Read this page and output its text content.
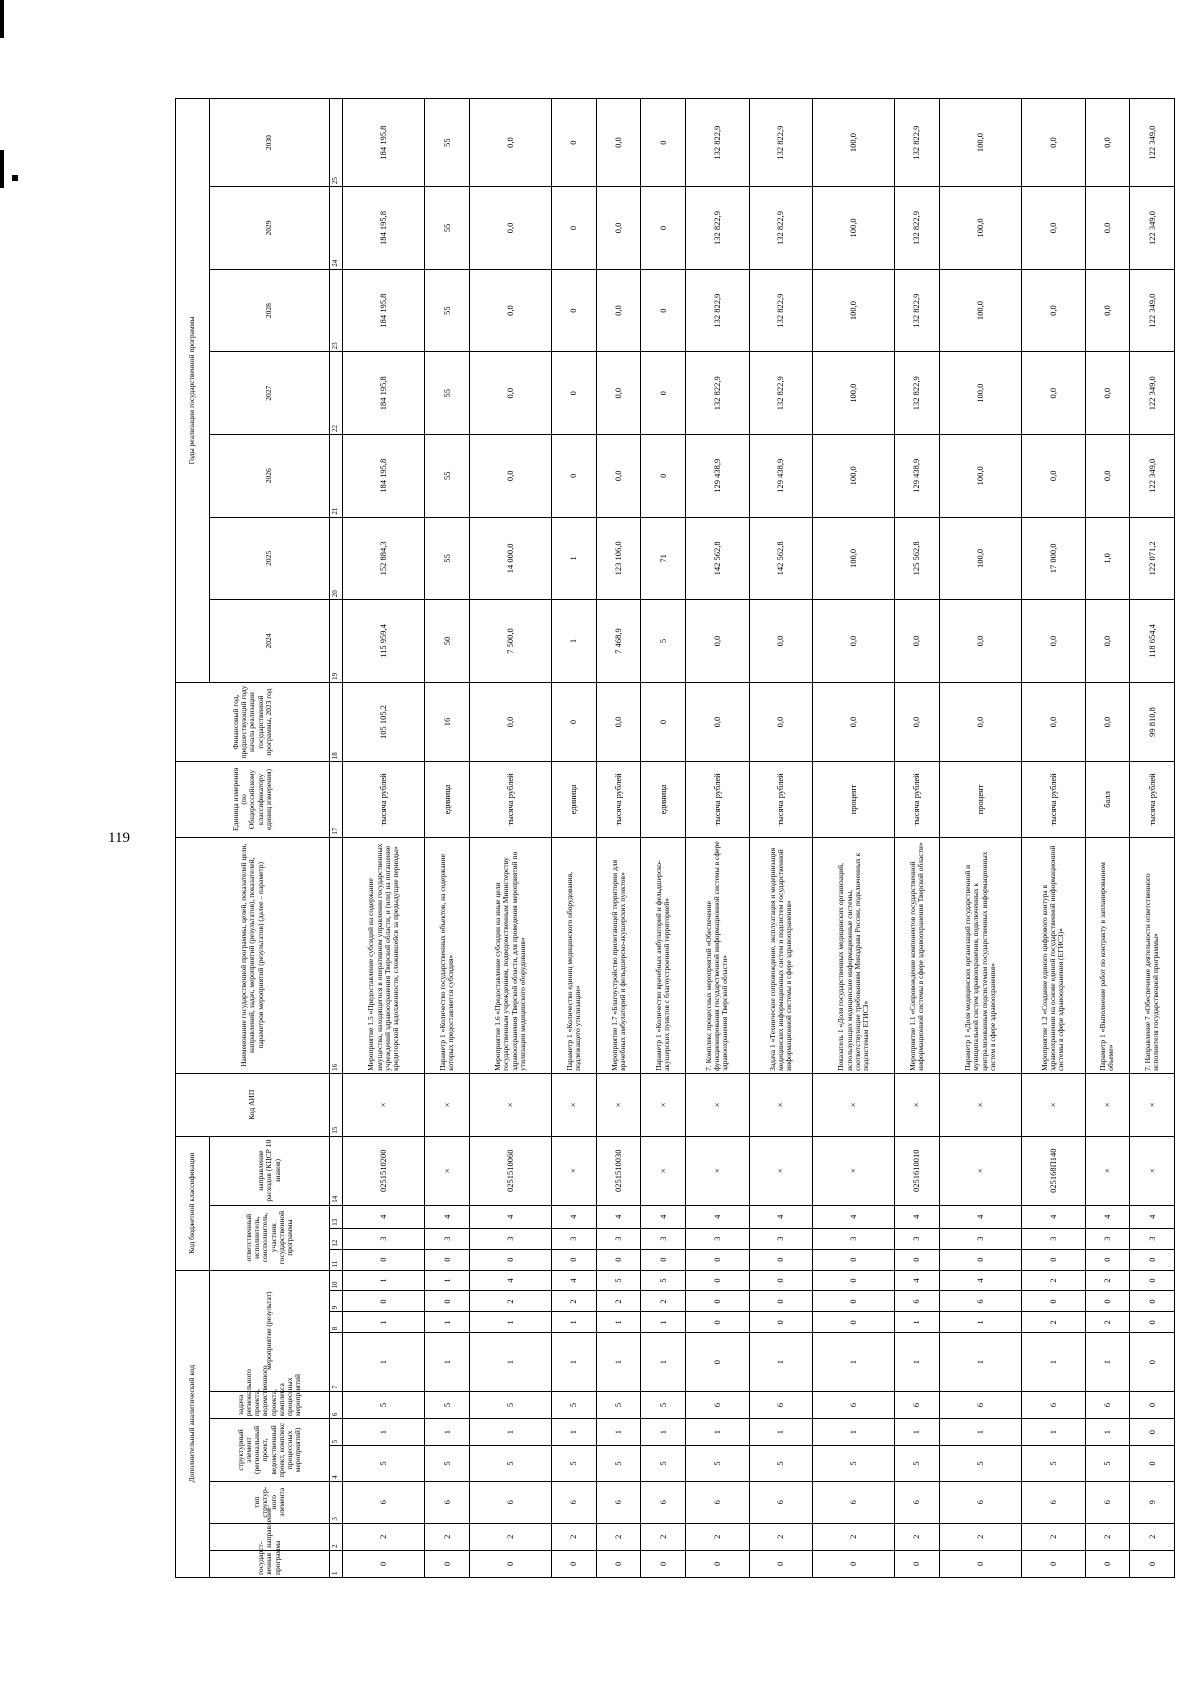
119
Дополнительный аналитический код										Код бюджетной классификации				Код АИП	Наименование государственной программы, целей, показателей цели, направлений, задач, мероприятий (результатов), показателей, параметров мероприятий (результатов) (далее – параметр)	Единица измерения (по Общероссийскому классификатору единиц измерения)	Финансовый год, предшествующий году начала реализации государственной программы, 2023 год	Годы реализации государственной программы						
государст-венная программа	направление	тип структур-ного элемента	структурный элемент (региональный проект, ведомственный проект, комплекс процессных мероприятий)		задача регионального проекта, ведомственного проекта, комплекса процессных мероприятий	мероприятие (результат)				ответственный исполнитель, соисполнитель, участник государственной программы			направление расходов (КЦСР 10 знаков)					2024	2025	2026	2027	2028	2029	2030
1	2	3	4	5	6	7	8	9	10	11	12	13	14	15	16	17	18	19	20	21	22	23	24	25
0	2	6	5	1	5	1	1	0	1	0	3	4	0251510200	×	Мероприятие 1.5 «Предоставление субсидий на содержание имущества, находящегося в оперативном управлении государственных учреждений здравоохранения Тверской области, и (или) на погашение кредиторской задолженности, сложившейся за предыдущие периоды»	тысяча рублей	105 105,2	115 959,4	152 884,3	184 195,8	184 195,8	184 195,8	184 195,8	184 195,8
0	2	6	5	1	5	1	1	0	1	0	3	4	×	×	Параметр 1 «Количество государственных объектов, на содержание которых предоставляется субсидия»	единица	16	50	55	55	55	55	55	55
0	2	6	5	1	5	1	1	2	4	0	3	4	0251510060	×	Мероприятие 1.6 «Предоставление субсидии на иные цели государственным учреждениям, подведомственным Министерству здравоохранения Тверской области, для проведения мероприятий по утилизации медицинского оборудования»	тысяча рублей	0,0	7 500,0	14 000,0	0,0	0,0	0,0	0,0	0,0
0	2	6	5	1	5	1	1	2	4	0	3	4	×	×	Параметр 1 «Количество единиц медицинского оборудования, подлежащего утилизации»	единица	0	1	1	0	0	0	0	0
0	2	6	5	1	5	1	1	2	5	0	3	4	0251510030	×	Мероприятие 1.7 «Благоустройство прилегающей территории для врачебных амбулаторий и фельдшерско-акушерских пунктов»	тысяча рублей	0,0	7 468,9	123 106,0	0,0	0,0	0,0	0,0	0,0
0	2	6	5	1	5	1	1	2	5	0	3	4	×	×	Параметр 1 «Количество врачебных амбулаторий и фельдшерско-акушерских пунктов с благоустроенной территорией»	единица	0	5	71	0	0	0	0	0
0	2	6	5	1	6	0	0	0	0	0	3	4	×	×	7. Комплекс процессных мероприятий «Обеспечение функционирования государственной информационной системы в сфере здравоохранения Тверской области»	тысяча рублей	0,0	0,0	142 562,8	129 438,9	132 822,9	132 822,9	132 822,9	132 822,9
0	2	6	5	1	6	1	0	0	0	0	3	4	×	×	Задача 1 «Техническое сопровождение, эксплуатация и модернизация медицинских информационных систем и подсистем государственной информационной системы в сфере здравоохранения»	тысяча рублей	0,0	0,0	142 562,8	129 438,9	132 822,9	132 822,9	132 822,9	132 822,9
0	2	6	5	1	6	1	0	0	0	0	3	4	×	×	Показатель 1 «Доля государственных медицинских организаций, использующих медицинские информационные системы, соответствующие требованиям Минздрава России, подключенных к подсистемам ЕГИСЗ»	процент	0,0	0,0	100,0	100,0	100,0	100,0	100,0	100,0
0	2	6	5	1	6	1	1	6	4	0	3	4	0251610010	×	Мероприятие 1.1 «Сопровождение компонентов государственной информационной системы в сфере здравоохранения Тверской области»	тысяча рублей	0,0	0,0	125 562,8	129 438,9	132 822,9	132 822,9	132 822,9	132 822,9
0	2	6	5	1	6	1	1	6	4	0	3	4	×	×	Параметр 1 «Доля медицинских организаций государственной и муниципальной систем здравоохранения, подключенных к централизованным подсистемам государственных информационных систем в сфере здравоохранения»	процент	0,0	0,0	100,0	100,0	100,0	100,0	100,0	100,0
0	2	6	5	1	6	1	2	0	2	0	3	4	025168П140	×	Мероприятие 1.2 «Создание единого цифрового контура в здравоохранении на основе единой государственной информационной системы в сфере здравоохранения (ЕГИСЗ)»	тысяча рублей	0,0	0,0	17 000,0	0,0	0,0	0,0	0,0	0,0
0	2	6	5	1	6	1	2	0	2	0	3	4	×	×	Параметр 1 «Выполнение работ по контракту в запланированном объеме»	балл	0,0	0,0	1,0	0,0	0,0	0,0	0,0	0,0
0	2	9	0	0	0	0	0	0	0	0	3	4	×	×	7. Направление 7 «Обеспечение деятельности ответственного исполнителя государственной программы»	тысяча рублей	99 810,8	118 654,4	122 071,2	122 349,0	122 349,0	122 349,0	122 349,0	122 349,0
